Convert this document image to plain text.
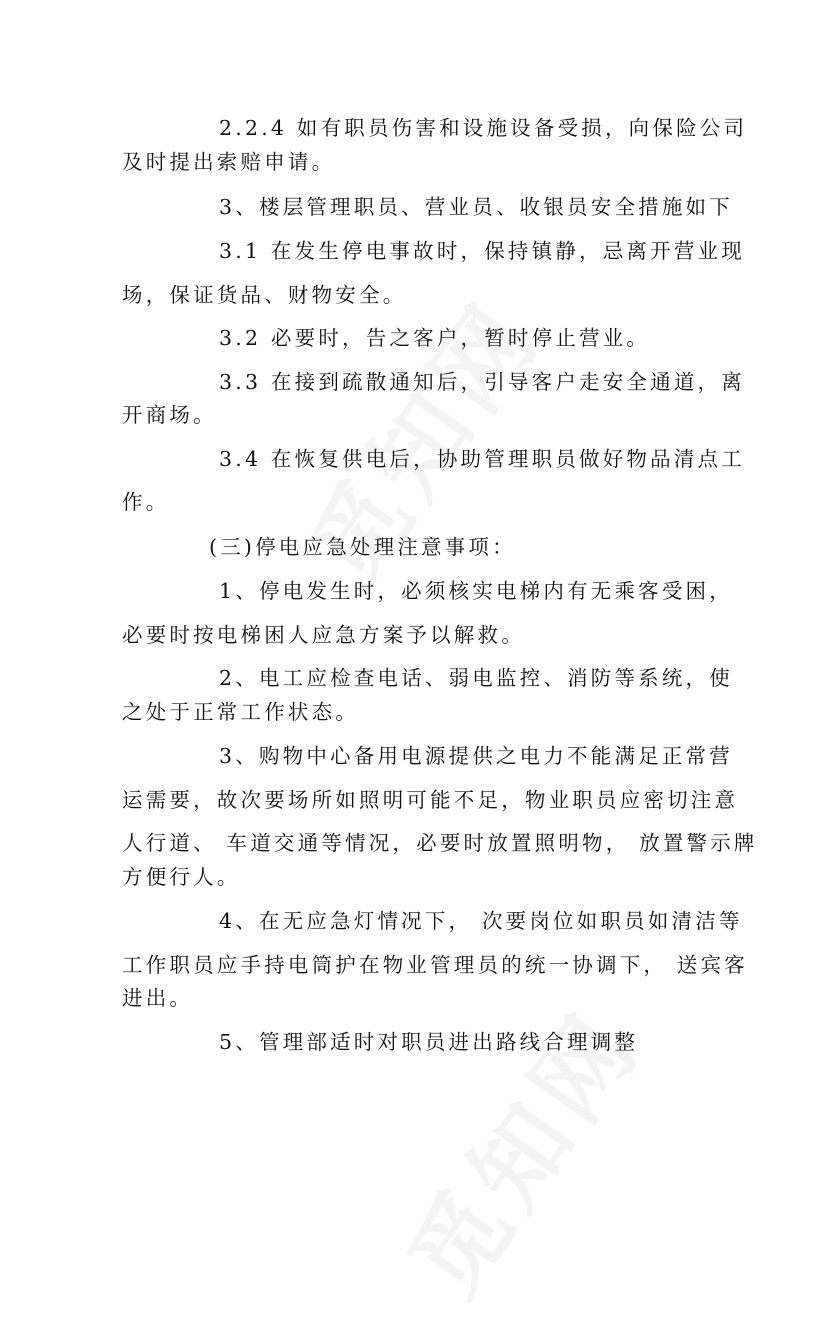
2.2.4 如有职员伤害和设施设备受损，向保险公司

及时提出索赔申请。

3、楼层管理职员、营业员、收银员安全措施如下

3.1 在发生停电事故时，保持镇静，忌离开营业现

场，保证货品、财物安全。

3.2 必要时，告之客户，暂时停止营业。

3.3 在接到疏散通知后，引导客户走安全通道，离

开商场。

3.4 在恢复供电后，协助管理职员做好物品清点工

作。

(三)停电应急处理注意事项：

1、停电发生时，必须核实电梯内有无乘客受困，

必要时按电梯困人应急方案予以解救。

2、电工应检查电话、弱电监控、消防等系统，使

之处于正常工作状态。

3、购物中心备用电源提供之电力不能满足正常营

运需要，故次要场所如照明可能不足，物业职员应密切注意

人行道、 车道交通等情况，必要时放置照明物， 放置警示牌

方便行人。

4、在无应急灯情况下， 次要岗位如职员如清洁等

工作职员应手持电筒护在物业管理员的统一协调下， 送宾客

进出。

5、管理部适时对职员进出路线合理调整
